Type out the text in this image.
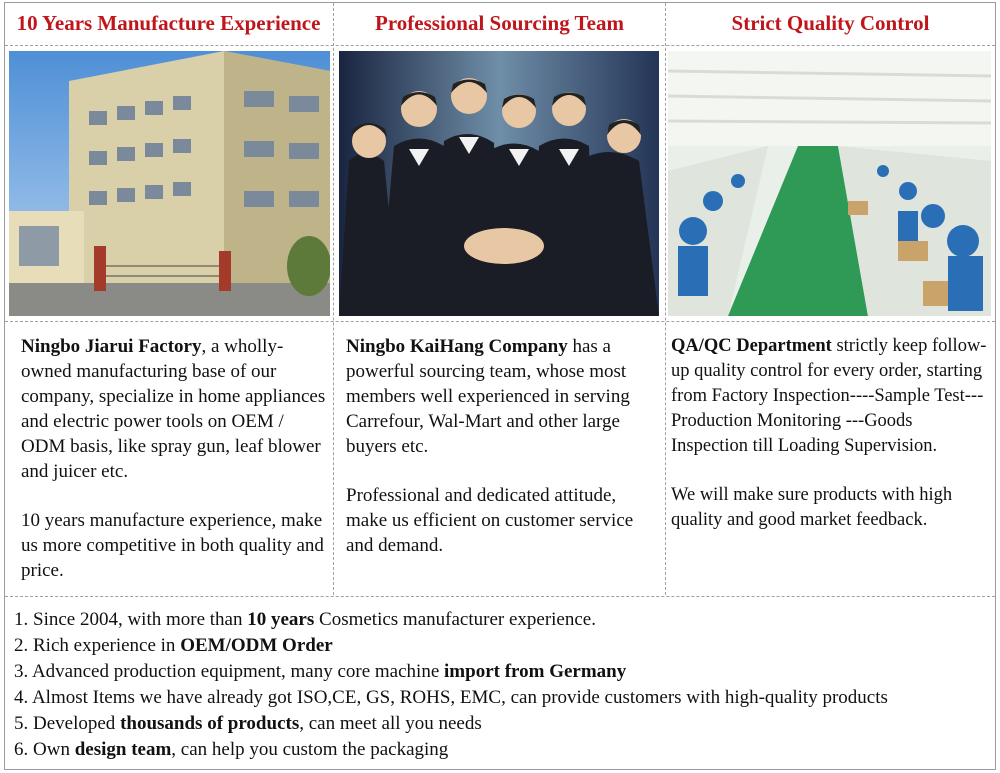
10 Years Manufacture Experience	Professional Sourcing Team	Strict Quality Control

Ningbo Jiarui Factory, a wholly-owned manufacturing base of our company, specialize in home appliances and electric power tools on OEM / ODM basis, like spray gun, leaf blower and juicer etc.

10 years manufacture experience, make us more competitive in both quality and price.

Ningbo KaiHang Company has a powerful sourcing team, whose most members well experienced in serving Carrefour, Wal-Mart and other large buyers etc.

Professional and dedicated attitude, make us efficient on customer service and demand.

QA/QC Department strictly keep follow-up quality control for every order, starting from Factory Inspection----Sample Test---Production Monitoring ---Goods Inspection till Loading Supervision.

We will make sure products with high quality and good market feedback.

1. Since 2004, with more than 10 years Cosmetics manufacturer experience.
2. Rich experience in OEM/ODM Order
3. Advanced production equipment, many core machine import from Germany
4. Almost Items we have already got ISO,CE, GS, ROHS, EMC, can provide customers with high-quality products
5. Developed thousands of products, can meet all you needs
6. Own design team, can help you custom the packaging
